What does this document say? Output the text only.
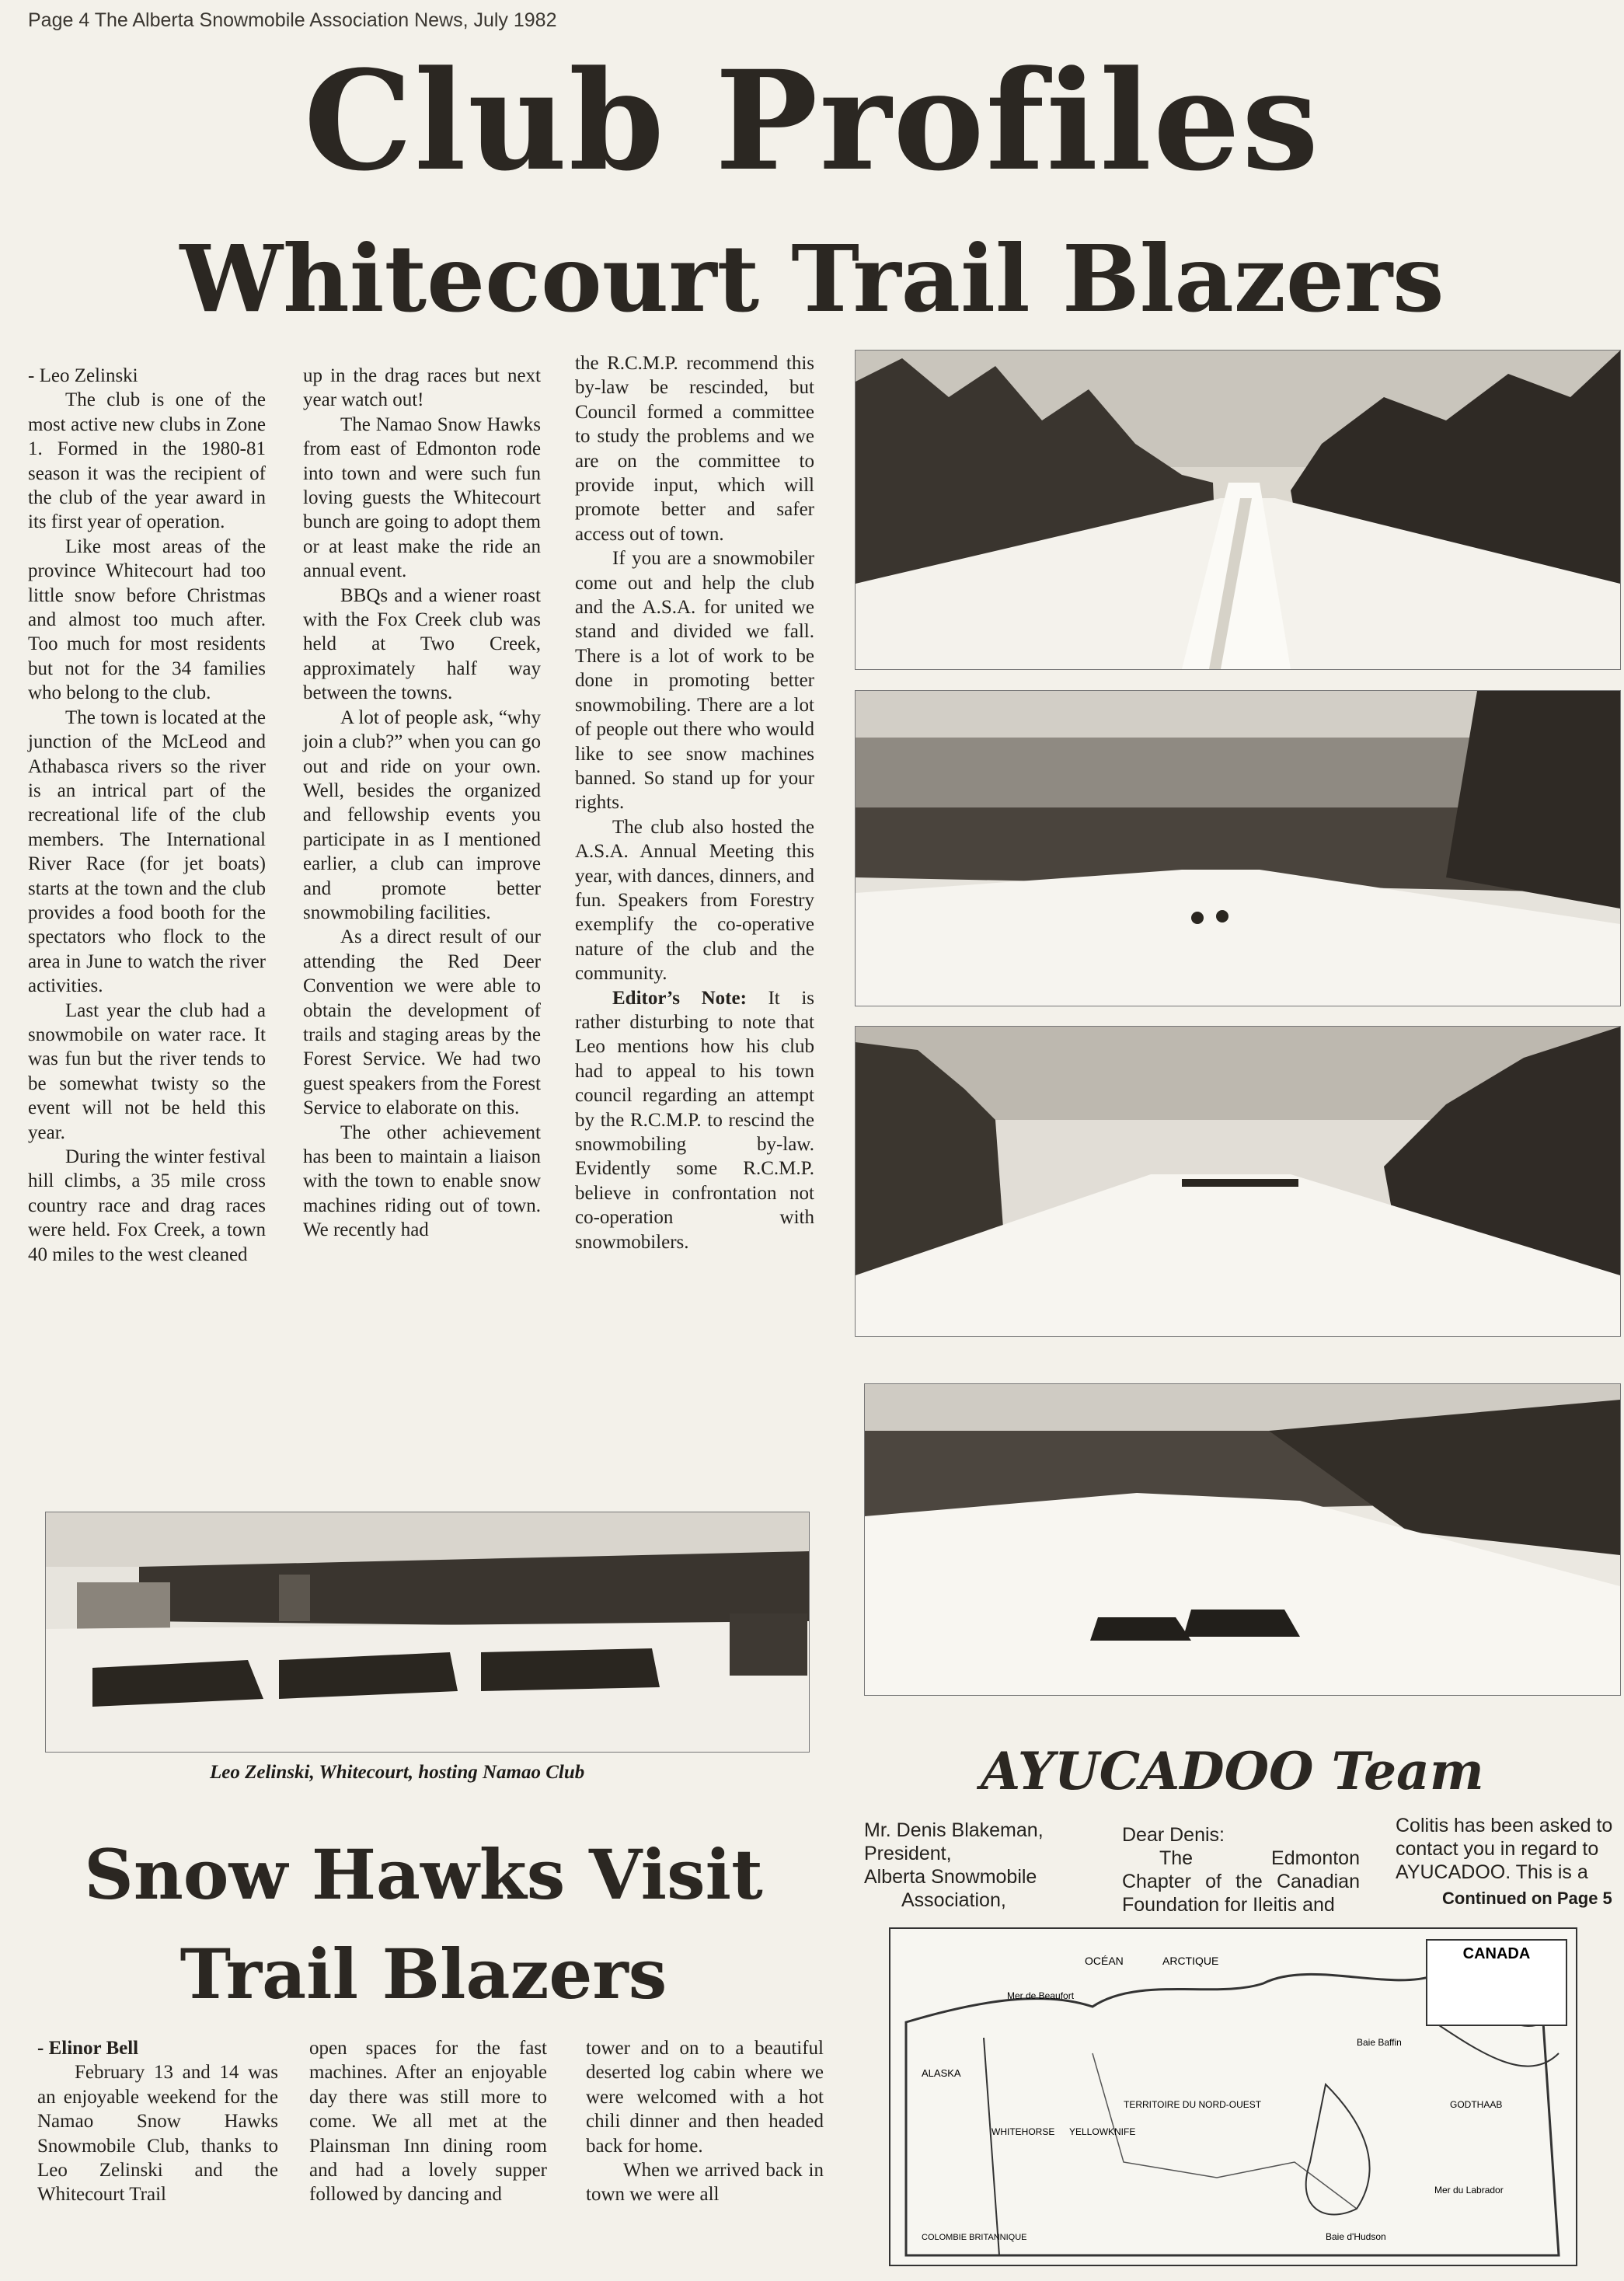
Page 4 The Alberta Snowmobile Association News, July 1982
Club Profiles
Whitecourt Trail Blazers

- Leo Zelinski

The club is one of the most active new clubs in Zone 1. Formed in the 1980-81 season it was the recipient of the club of the year award in its first year of operation.

Like most areas of the province Whitecourt had too little snow before Christmas and almost too much after. Too much for most residents but not for the 34 families who belong to the club.

The town is located at the junction of the McLeod and Athabasca rivers so the river is an intrical part of the recreational life of the club members. The International River Race (for jet boats) starts at the town and the club provides a food booth for the spectators who flock to the area in June to watch the river activities.

Last year the club had a snowmobile on water race. It was fun but the river tends to be somewhat twisty so the event will not be held this year.

During the winter festival hill climbs, a 35 mile cross country race and drag races were held. Fox Creek, a town 40 miles to the west cleaned

up in the drag races but next year watch out!

The Namao Snow Hawks from east of Edmonton rode into town and were such fun loving guests the Whitecourt bunch are going to adopt them or at least make the ride an annual event.

BBQs and a wiener roast with the Fox Creek club was held at Two Creek, approximately half way between the towns.

A lot of people ask, “why join a club?” when you can go out and ride on your own. Well, besides the organized and fellowship events you participate in as I mentioned earlier, a club can improve and promote better snowmobiling facilities.

As a direct result of our attending the Red Deer Convention we were able to obtain the development of trails and staging areas by the Forest Service. We had two guest speakers from the Forest Service to elaborate on this.

The other achievement has been to maintain a liaison with the town to enable snow machines riding out of town. We recently had

the R.C.M.P. recommend this by-law be rescinded, but Council formed a committee to study the problems and we are on the committee to provide input, which will promote better and safer access out of town.

If you are a snowmobiler come out and help the club and the A.S.A. for united we stand and divided we fall. There is a lot of work to be done in promoting better snowmobiling. There are a lot of people out there who would like to see snow machines banned. So stand up for your rights.

The club also hosted the A.S.A. Annual Meeting this year, with dances, dinners, and fun. Speakers from Forestry exemplify the co-operative nature of the club and the community.

Editor’s Note: It is rather disturbing to note that Leo mentions how his club had to appeal to his town council regarding an attempt by the R.C.M.P. to rescind the snowmobiling by-law. Evidently some R.C.M.P. believe in confrontation not co-operation with snowmobilers.

Leo Zelinski, Whitecourt, hosting Namao Club
Snow Hawks Visit
Trail Blazers

- Elinor Bell

February 13 and 14 was an enjoyable weekend for the Namao Snow Hawks Snowmobile Club, thanks to Leo Zelinski and the Whitecourt Trail

open spaces for the fast machines. After an enjoyable day there was still more to come. We all met at the Plainsman Inn dining room and had a lovely supper followed by dancing and

tower and on to a beautiful deserted log cabin where we were welcomed with a hot chili dinner and then headed back for home.

When we arrived back in town we were all

AYUCADOO Team
Mr. Denis Blakeman,
President,
Alberta Snowmobile
Association,
Dear Denis:
The Edmonton Chapter of the Canadian Foundation for Ileitis and
Colitis has been asked to contact you in regard to AYUCADOO. This is a
Continued on Page 5
CANADA
OCÉAN	ARCTIQUE
ALASKA
Mer de Beaufort
WHITEHORSE YELLOWKNIFE
TERRITOIRE DU NORD-OUEST	GODTHAAB
Baie Baffin
Mer du Labrador
Baie d'Hudson
COLOMBIE BRITANNIQUE
